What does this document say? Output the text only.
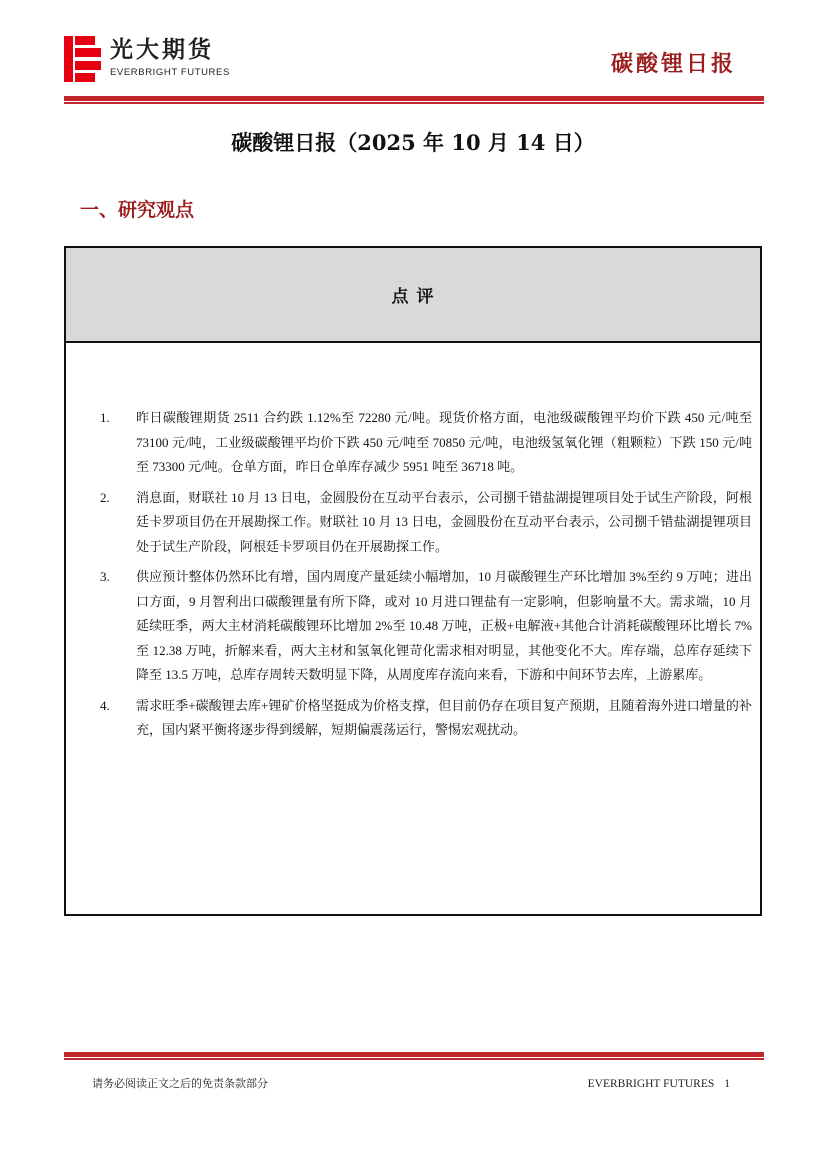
光大期货
EVERBRIGHT FUTURES	碳酸锂日报
碳酸锂日报（2025 年 10 月 14 日）
一、研究观点
点 评
1. 昨日碳酸锂期货 2511 合约跌 1.12%至 72280 元/吨。现货价格方面，电池级碳酸锂平均价下跌 450 元/吨至 73100 元/吨，工业级碳酸锂平均价下跌 450 元/吨至 70850 元/吨，电池级氢氧化锂（粗颗粒）下跌 150 元/吨至 73300 元/吨。仓单方面，昨日仓单库存减少 5951 吨至 36718 吨。
2. 消息面，财联社 10 月 13 日电，金圆股份在互动平台表示，公司捌千错盐湖提锂项目处于试生产阶段，阿根廷卡罗项目仍在开展勘探工作。财联社 10 月 13 日电，金圆股份在互动平台表示，公司捌千错盐湖提锂项目处于试生产阶段，阿根廷卡罗项目仍在开展勘探工作。
3. 供应预计整体仍然环比有增，国内周度产量延续小幅增加，10 月碳酸锂生产环比增加 3%至约 9 万吨；进出口方面，9 月智利出口碳酸锂量有所下降，或对 10 月进口锂盐有一定影响，但影响量不大。需求端，10 月延续旺季，两大主材消耗碳酸锂环比增加 2%至 10.48 万吨，正极+电解液+其他合计消耗碳酸锂环比增长 7%至 12.38 万吨，折解来看，两大主材和氢氧化锂苛化需求相对明显，其他变化不大。库存端，总库存延续下降至 13.5 万吨，总库存周转天数明显下降，从周度库存流向来看，下游和中间环节去库，上游累库。
4. 需求旺季+碳酸锂去库+锂矿价格坚挺成为价格支撑，但目前仍存在项目复产预期，且随着海外进口增量的补充，国内紧平衡将逐步得到缓解，短期偏震荡运行，警惕宏观扰动。
请务必阅读正文之后的免责条款部分	EVERBRIGHT FUTURES 1
